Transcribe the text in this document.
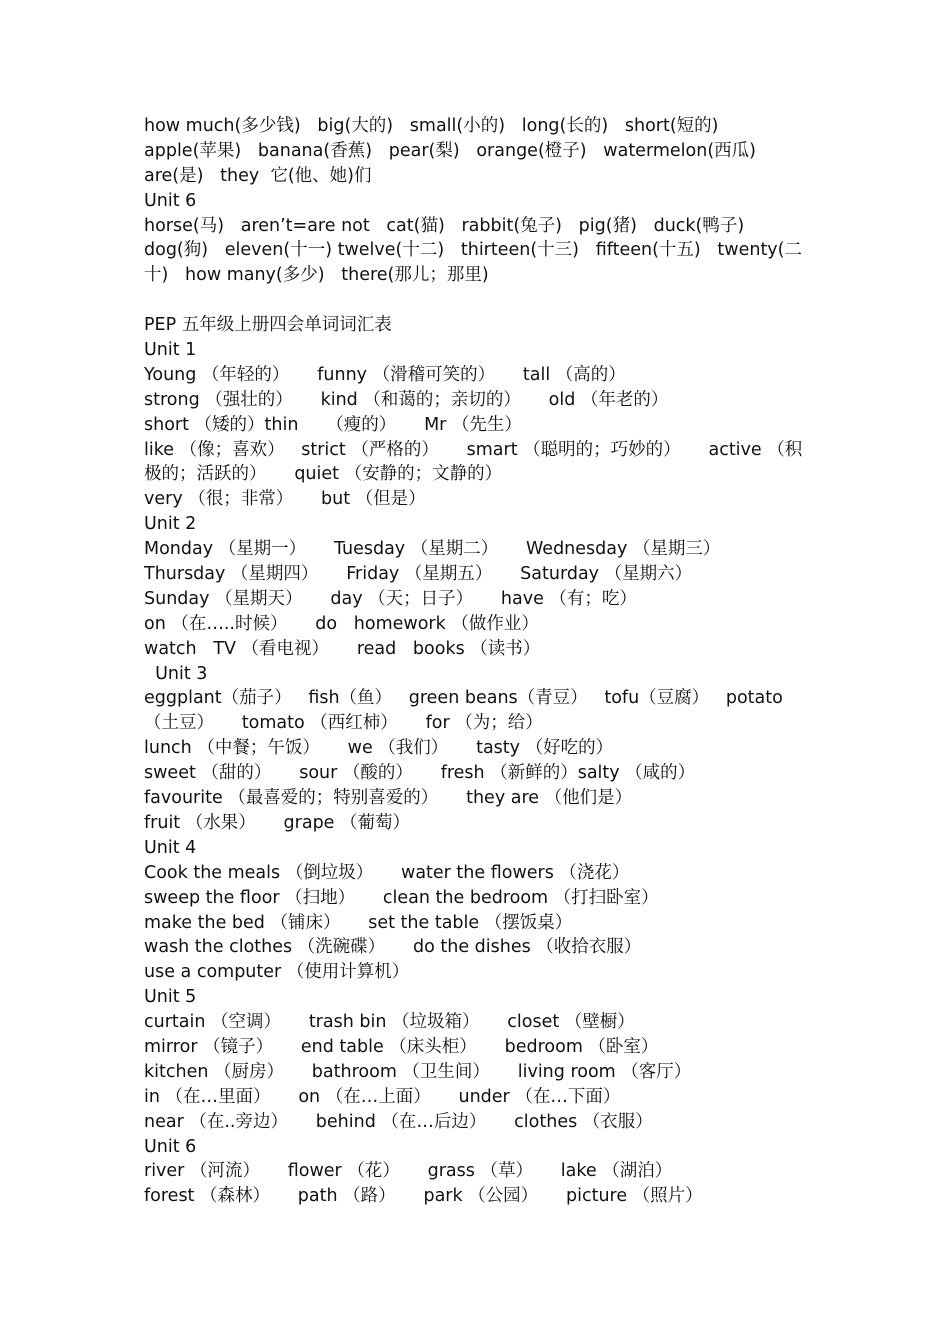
how much(多少钱)   big(大的)   small(小的)   long(长的)   short(短的)
apple(苹果)   banana(香蕉)   pear(梨)   orange(橙子)   watermelon(西瓜)
are(是)   they  它(他、她)们
Unit 6
horse(马)   aren’t=are not   cat(猫)   rabbit(兔子)   pig(猪)   duck(鸭子)
dog(狗)   eleven(十一) twelve(十二)   thirteen(十三)   fifteen(十五)   twenty(二
十)   how many(多少)   there(那儿；那里)
PEP 五年级上册四会单词词汇表
Unit 1
Young （年轻的）     funny （滑稽可笑的）     tall （高的）
strong （强壮的）     kind （和蔼的；亲切的）     old （年老的）
short （矮的）thin     （瘦的）     Mr （先生）
like （像；喜欢）   strict （严格的）     smart （聪明的；巧妙的）     active （积
极的；活跃的）     quiet （安静的；文静的）
very （很；非常）     but （但是）
Unit 2
Monday （星期一）     Tuesday （星期二）     Wednesday （星期三）
Thursday （星期四）     Friday （星期五）     Saturday （星期六）
Sunday （星期天）     day （天；日子）     have （有；吃）
on （在…..时候）     do   homework （做作业）
watch   TV （看电视）     read   books （读书）
Unit 3
eggplant（茄子）   fish（鱼）   green beans（青豆）   tofu（豆腐）   potato
（土豆）     tomato （西红柿）     for （为；给）
lunch （中餐；午饭）     we （我们）     tasty （好吃的）
sweet （甜的）     sour （酸的）     fresh （新鲜的）salty （咸的）
favourite （最喜爱的；特别喜爱的）     they are （他们是）
fruit （水果）     grape （葡萄）
Unit 4
Cook the meals （倒垃圾）     water the flowers （浇花）
sweep the floor （扫地）     clean the bedroom （打扫卧室）
make the bed （铺床）     set the table （摆饭桌）
wash the clothes （洗碗碟）     do the dishes （收拾衣服）
use a computer （使用计算机）
Unit 5
curtain （空调）     trash bin （垃圾箱）     closet （壁橱）
mirror （镜子）     end table （床头柜）     bedroom （卧室）
kitchen （厨房）     bathroom （卫生间）     living room （客厅）
in （在…里面）     on （在…上面）     under （在…下面）
near （在..旁边）     behind （在…后边）     clothes （衣服）
Unit 6
river （河流）     flower （花）     grass （草）     lake （湖泊）
forest （森林）     path （路）     park （公园）     picture （照片）
